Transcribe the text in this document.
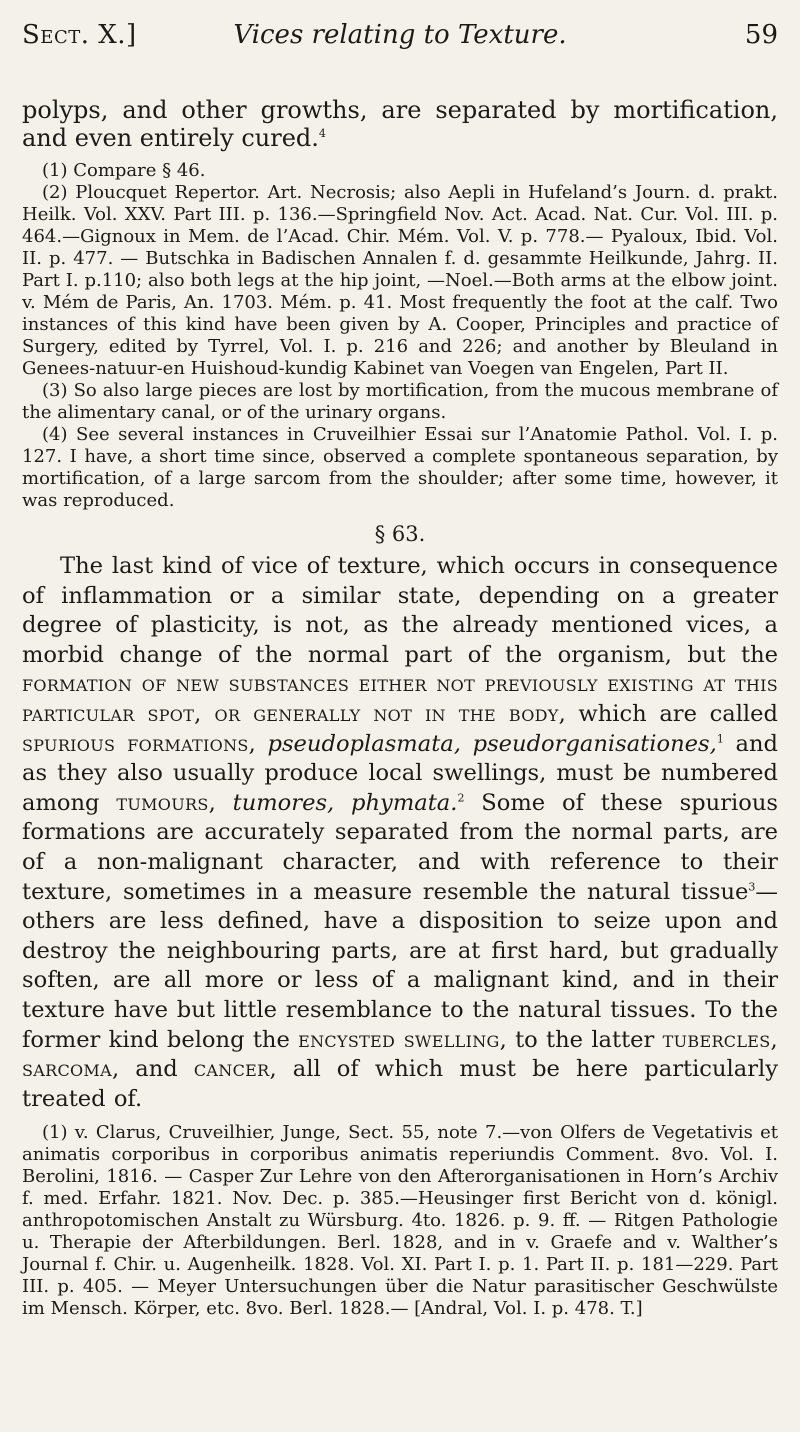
Sect. X.]	Vices relating to Texture.	59

polyps, and other growths, are separated by mortification, and even entirely cured.$^4$

(1) Compare § 46.

(2) Ploucquet Repertor. Art. Necrosis; also Aepli in Hufeland’s Journ. d. prakt. Heilk. Vol. XXV. Part III. p. 136.—Springfield Nov. Act. Acad. Nat. Cur. Vol. III. p. 464.—Gignoux in Mem. de l’Acad. Chir. Mém. Vol. V. p. 778.— Pyaloux, Ibid. Vol. II. p. 477. — Butschka in Badischen Annalen f. d. gesammte Heilkunde, Jahrg. II. Part I. p.110; also both legs at the hip joint, —Noel.—Both arms at the elbow joint. v. Mém de Paris, An. 1703. Mém. p. 41. Most frequently the foot at the calf. Two instances of this kind have been given by A. Cooper, Principles and practice of Surgery, edited by Tyrrel, Vol. I. p. 216 and 226; and another by Bleuland in Genees-natuur-en Huishoud-kundig Kabinet van Voegen van Engelen, Part II.

(3) So also large pieces are lost by mortification, from the mucous membrane of the alimentary canal, or of the urinary organs.

(4) See several instances in Cruveilhier Essai sur l’Anatomie Pathol. Vol. I. p. 127. I have, a short time since, observed a complete spontaneous separation, by mortification, of a large sarcom from the shoulder; after some time, however, it was reproduced.

§ 63.

The last kind of vice of texture, which occurs in consequence of inflammation or a similar state, depending on a greater degree of plasticity, is not, as the already mentioned vices, a morbid change of the normal part of the organism, but the formation of new substances either not previously existing at this particular spot, or generally not in the body, which are called spurious formations, pseudoplasmata, pseudorganisationes,$^1$ and as they also usually produce local swellings, must be numbered among tumours, tumores, phymata.$^2$ Some of these spurious formations are accurately separated from the normal parts, are of a non-malignant character, and with reference to their texture, sometimes in a measure resemble the natural tissue$^3$—others are less defined, have a disposition to seize upon and destroy the neighbouring parts, are at first hard, but gradually soften, are all more or less of a malignant kind, and in their texture have but little resemblance to the natural tissues. To the former kind belong the encysted swelling, to the latter tubercles, sarcoma, and cancer, all of which must be here particularly treated of.

(1) v. Clarus, Cruveilhier, Junge, Sect. 55, note 7.—von Olfers de Vegetativis et animatis corporibus in corporibus animatis reperiundis Comment. 8vo. Vol. I. Berolini, 1816. — Casper Zur Lehre von den Afterorganisationen in Horn’s Archiv f. med. Erfahr. 1821. Nov. Dec. p. 385.—Heusinger first Bericht von d. königl. anthropotomischen Anstalt zu Würsburg. 4to. 1826. p. 9. ff. — Ritgen Pathologie u. Therapie der Afterbildungen. Berl. 1828, and in v. Graefe and v. Walther’s Journal f. Chir. u. Augenheilk. 1828. Vol. XI. Part I. p. 1. Part II. p. 181—229. Part III. p. 405. — Meyer Untersuchungen über die Natur parasitischer Geschwülste im Mensch. Körper, etc. 8vo. Berl. 1828.— [Andral, Vol. I. p. 478. T.]
